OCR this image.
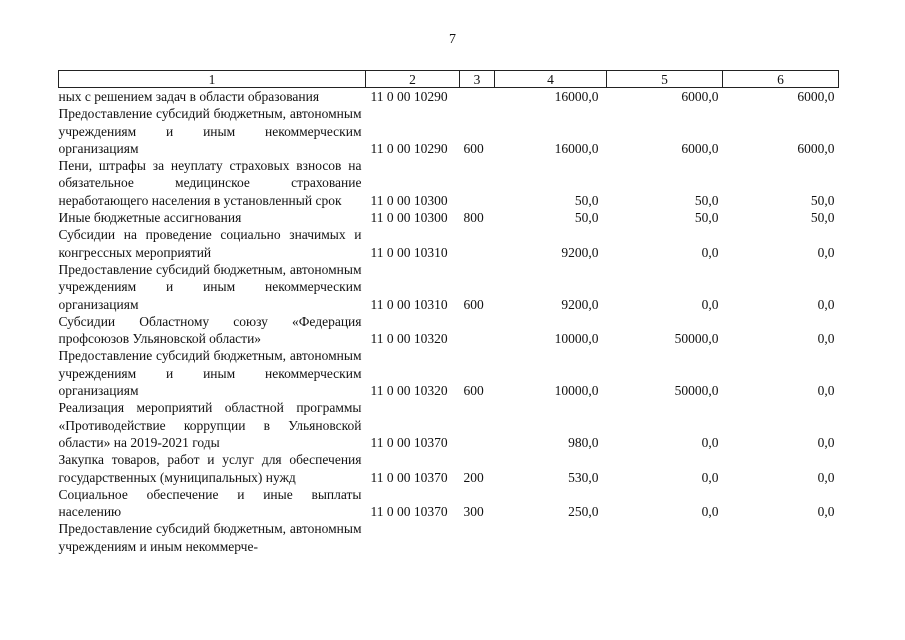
7
1	2	3	4	5	6
ных с решением задач в области образования	11 0 00 10290		16000,0	6000,0	6000,0
Предоставление субсидий бюджетным, автономным учреждениям и иным некоммерческим организациям	11 0 00 10290	600	16000,0	6000,0	6000,0
Пени, штрафы за неуплату страховых взносов на обязательное медицинское страхование неработающего населения в установленный срок	11 0 00 10300		50,0	50,0	50,0
Иные бюджетные ассигнования	11 0 00 10300	800	50,0	50,0	50,0
Субсидии на проведение социально значимых и конгрессных мероприятий	11 0 00 10310		9200,0	0,0	0,0
Предоставление субсидий бюджетным, автономным учреждениям и иным некоммерческим организациям	11 0 00 10310	600	9200,0	0,0	0,0
Субсидии Областному союзу «Федерация профсоюзов Ульяновской области»	11 0 00 10320		10000,0	50000,0	0,0
Предоставление субсидий бюджетным, автономным учреждениям и иным некоммерческим организациям	11 0 00 10320	600	10000,0	50000,0	0,0
Реализация мероприятий областной программы «Противодействие коррупции в Ульяновской области» на 2019-2021 годы	11 0 00 10370		980,0	0,0	0,0
Закупка товаров, работ и услуг для обеспечения государственных (муниципальных) нужд	11 0 00 10370	200	530,0	0,0	0,0
Социальное обеспечение и иные выплаты населению	11 0 00 10370	300	250,0	0,0	0,0
Предоставление субсидий бюджетным, автономным учреждениям и иным некоммерче-					
